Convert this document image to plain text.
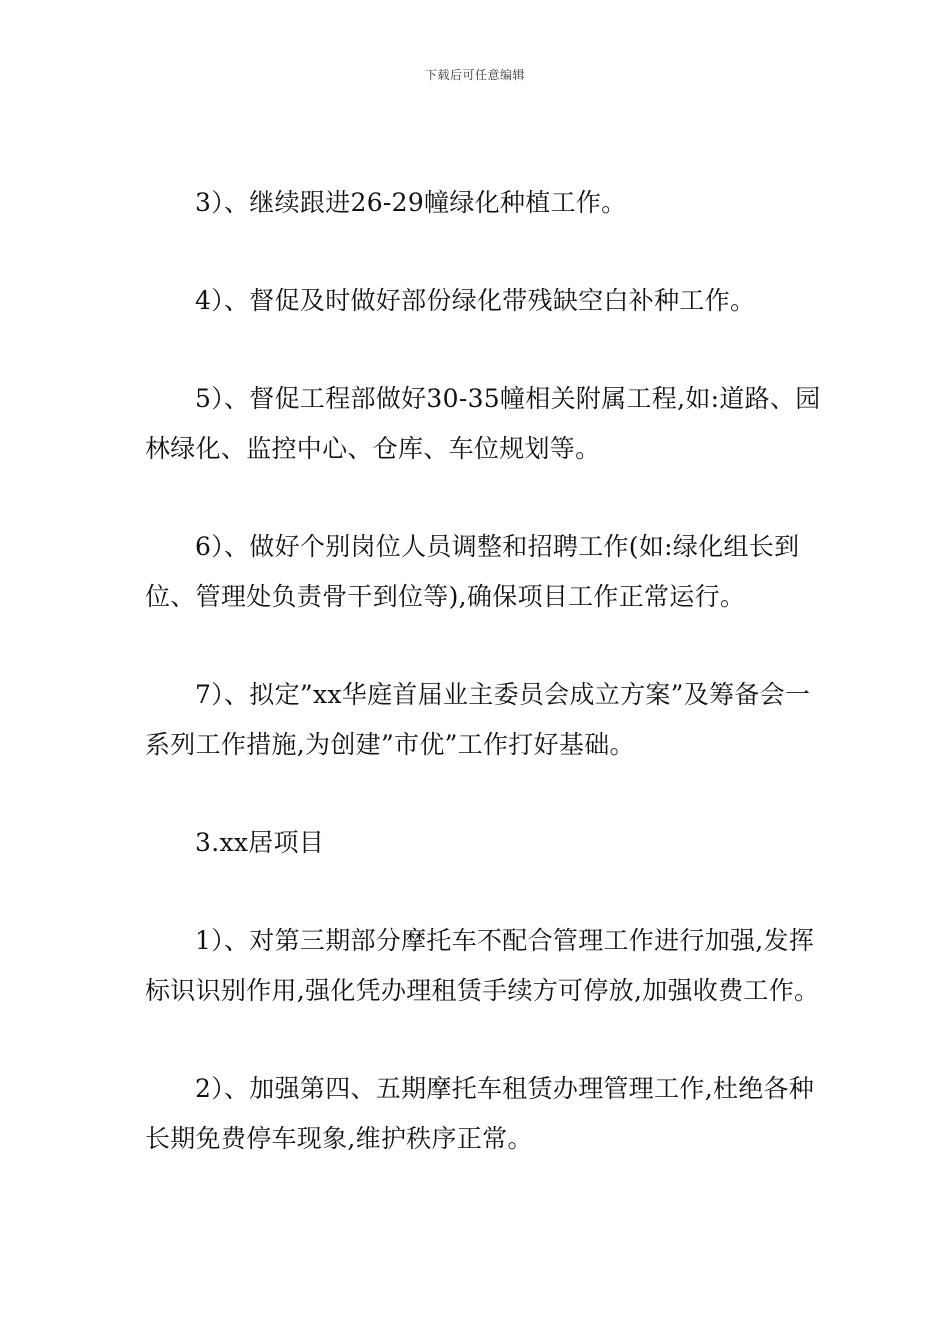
下载后可任意编辑

3）、继续跟进26-29幢绿化种植工作。

4）、督促及时做好部份绿化带残缺空白补种工作。

5）、督促工程部做好30-35幢相关附属工程,如:道路、园林绿化、监控中心、仓库、车位规划等。

6）、做好个别岗位人员调整和招聘工作(如:绿化组长到位、管理处负责骨干到位等),确保项目工作正常运行。

7）、拟定”xx华庭首届业主委员会成立方案”及筹备会一系列工作措施,为创建”市优”工作打好基础。

3.xx居项目

1）、对第三期部分摩托车不配合管理工作进行加强,发挥标识识别作用,强化凭办理租赁手续方可停放,加强收费工作。

2）、加强第四、五期摩托车租赁办理管理工作,杜绝各种长期免费停车现象,维护秩序正常。
